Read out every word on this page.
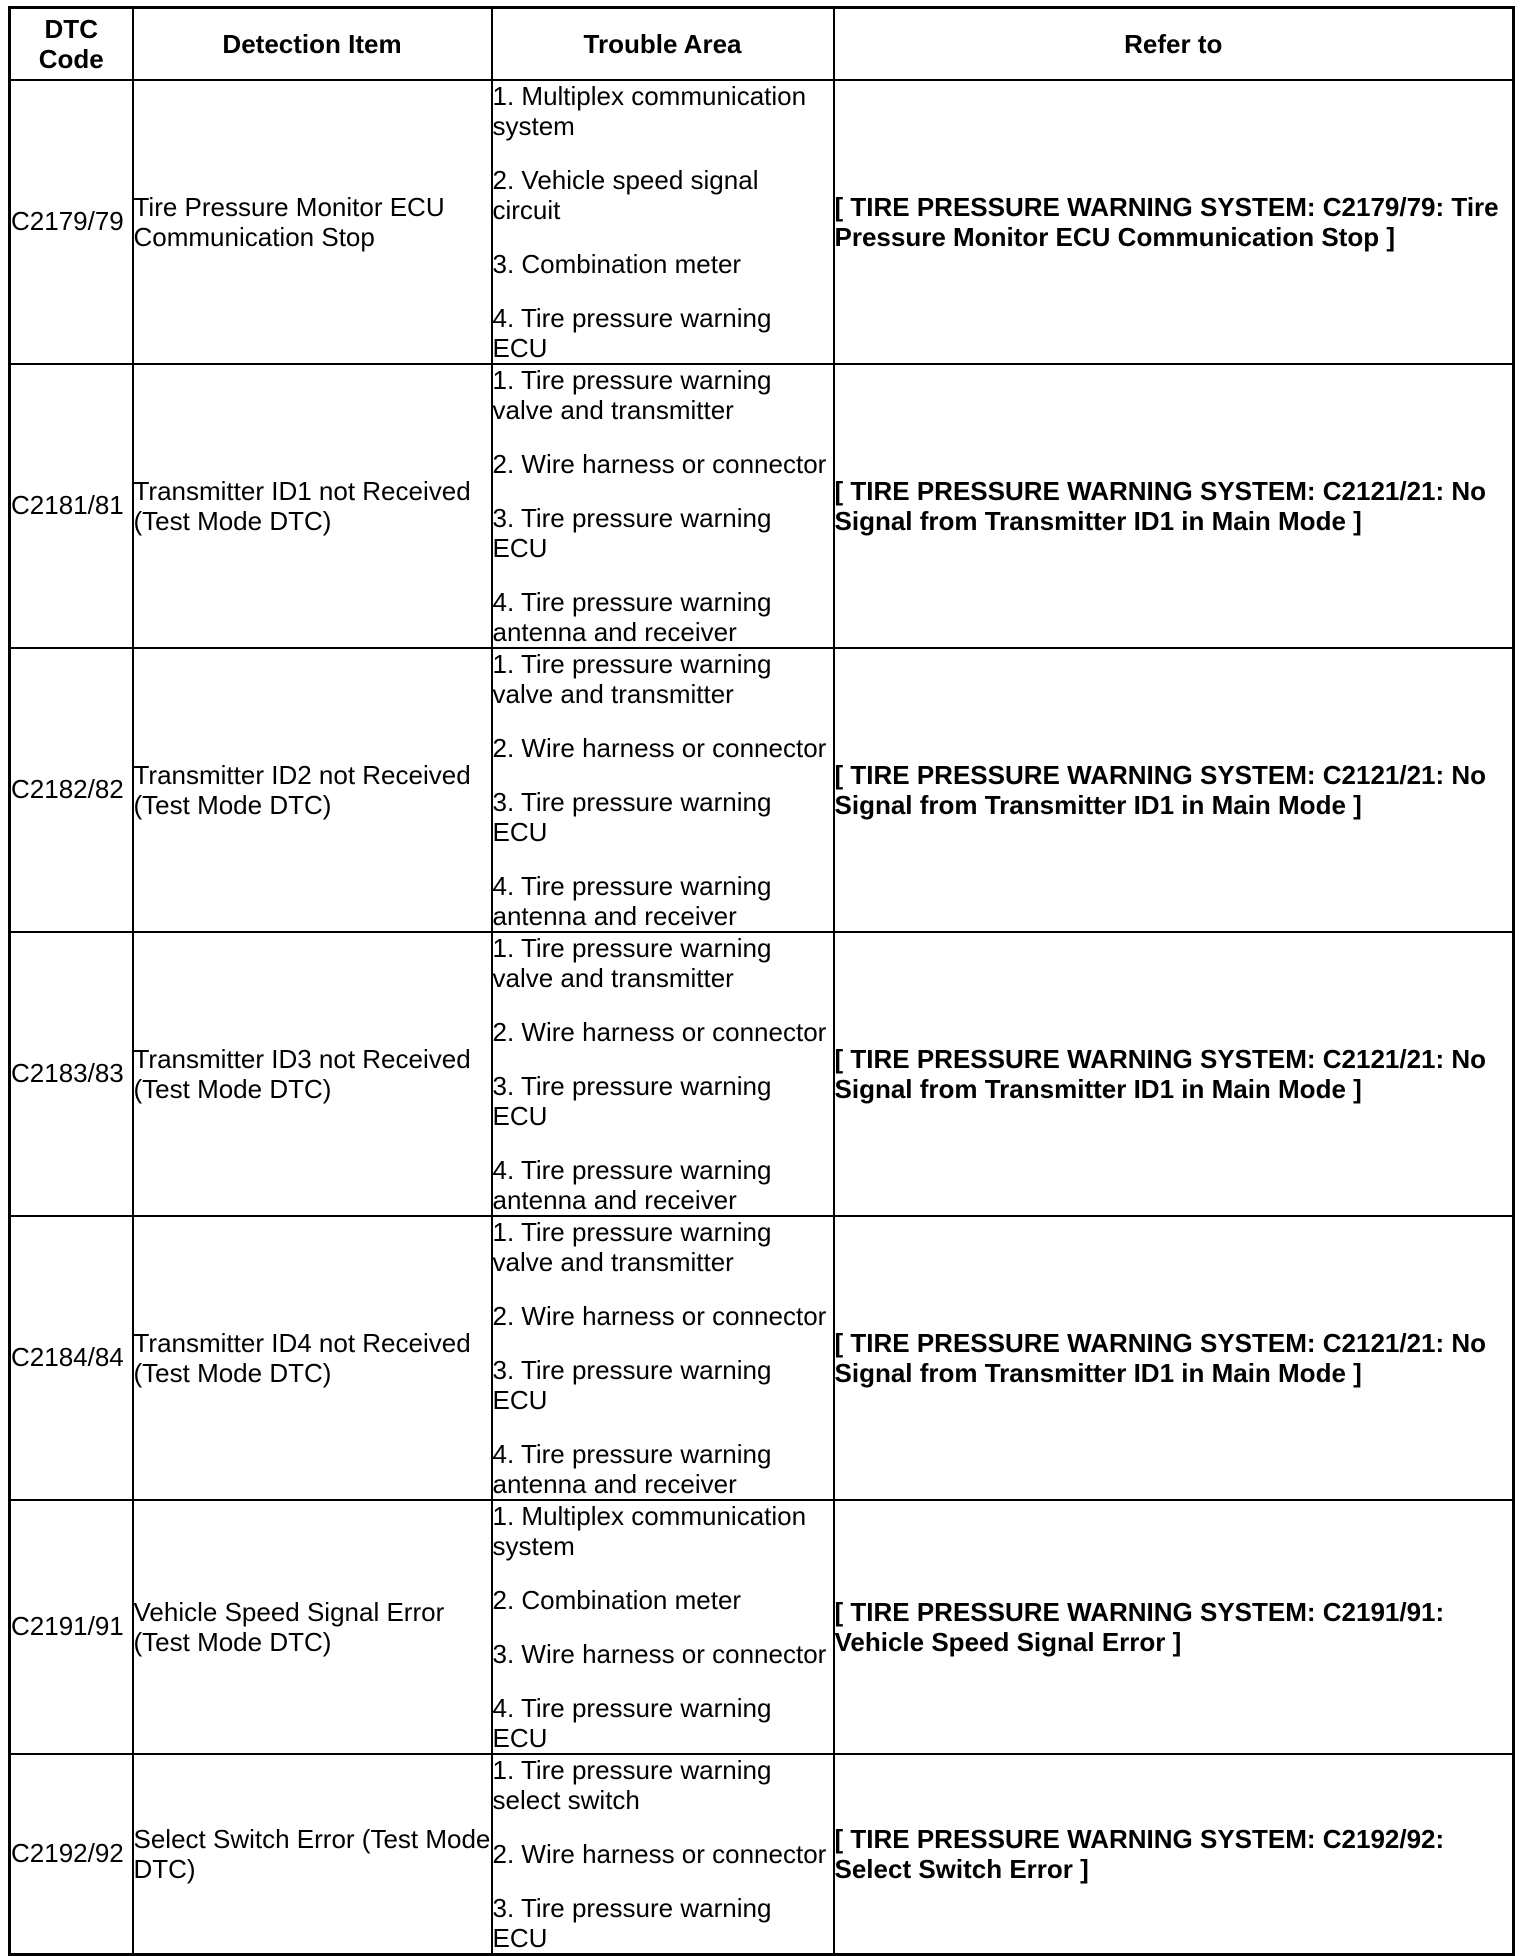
DTC Code	Detection Item	Trouble Area	Refer to
C2179/79	Tire Pressure Monitor ECU Communication Stop	1. Multiplex communication system
2. Vehicle speed signal circuit
3. Combination meter
4. Tire pressure warning ECU	[ TIRE PRESSURE WARNING SYSTEM: C2179/79: Tire Pressure Monitor ECU Communication Stop ]
C2181/81	Transmitter ID1 not Received (Test Mode DTC)	1. Tire pressure warning valve and transmitter
2. Wire harness or connector
3. Tire pressure warning ECU
4. Tire pressure warning antenna and receiver	[ TIRE PRESSURE WARNING SYSTEM: C2121/21: No Signal from Transmitter ID1 in Main Mode ]
C2182/82	Transmitter ID2 not Received (Test Mode DTC)	1. Tire pressure warning valve and transmitter
2. Wire harness or connector
3. Tire pressure warning ECU
4. Tire pressure warning antenna and receiver	[ TIRE PRESSURE WARNING SYSTEM: C2121/21: No Signal from Transmitter ID1 in Main Mode ]
C2183/83	Transmitter ID3 not Received (Test Mode DTC)	1. Tire pressure warning valve and transmitter
2. Wire harness or connector
3. Tire pressure warning ECU
4. Tire pressure warning antenna and receiver	[ TIRE PRESSURE WARNING SYSTEM: C2121/21: No Signal from Transmitter ID1 in Main Mode ]
C2184/84	Transmitter ID4 not Received (Test Mode DTC)	1. Tire pressure warning valve and transmitter
2. Wire harness or connector
3. Tire pressure warning ECU
4. Tire pressure warning antenna and receiver	[ TIRE PRESSURE WARNING SYSTEM: C2121/21: No Signal from Transmitter ID1 in Main Mode ]
C2191/91	Vehicle Speed Signal Error (Test Mode DTC)	1. Multiplex communication system
2. Combination meter
3. Wire harness or connector
4. Tire pressure warning ECU	[ TIRE PRESSURE WARNING SYSTEM: C2191/91: Vehicle Speed Signal Error ]
C2192/92	Select Switch Error (Test Mode DTC)	1. Tire pressure warning select switch
2. Wire harness or connector
3. Tire pressure warning ECU	[ TIRE PRESSURE WARNING SYSTEM: C2192/92: Select Switch Error ]
